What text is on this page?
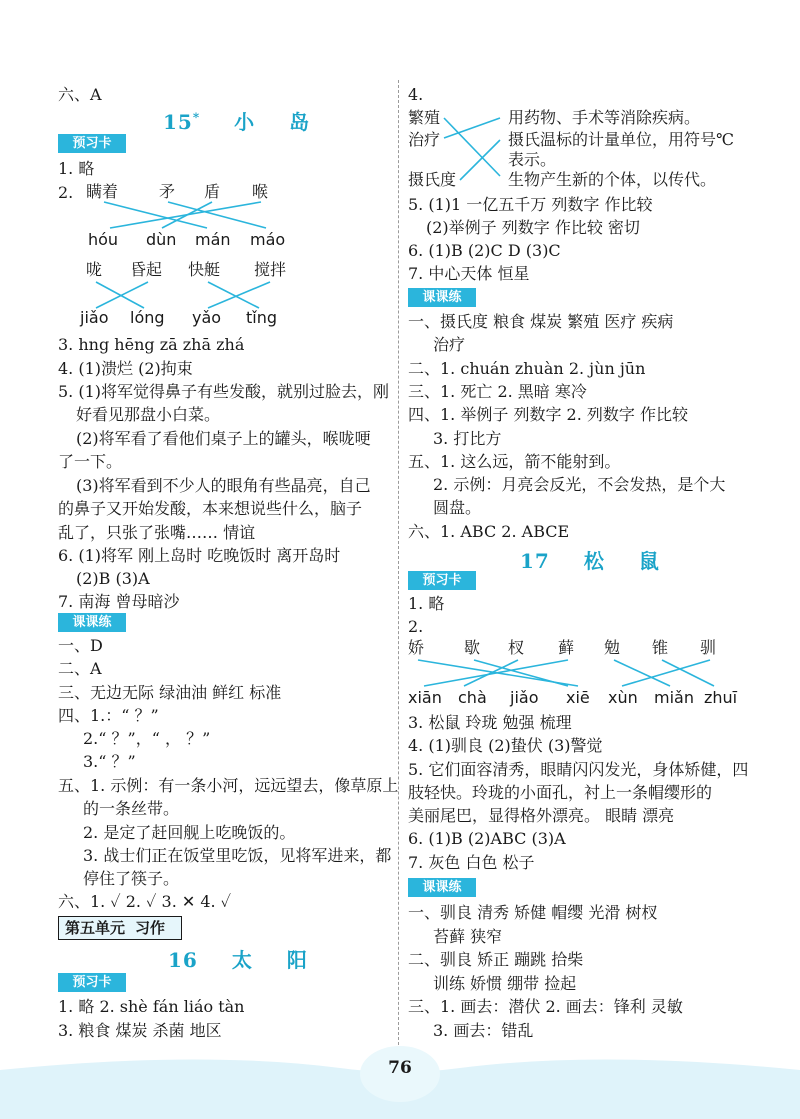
六、A
15* 小 岛
预习卡
1. 略
2. 瞒着	矛 盾 喉
hóu dùn mán máo
咙 昏起 快艇 搅拌
jiǎo lóng yǎo tǐng
3. hng hēng zā zhā zhá
4. (1)溃烂 (2)拘束
5. (1)将军觉得鼻子有些发酸，就别过脸去，刚
好看见那盘小白菜。
(2)将军看了看他们桌子上的罐头，喉咙哽
了一下。
(3)将军看到不少人的眼角有些晶亮，自己
的鼻子又开始发酸，本来想说些什么，脑子
乱了，只张了张嘴…… 情谊
6. (1)将军 刚上岛时 吃晚饭时 离开岛时
(2)B (3)A
7. 南海 曾母暗沙
课课练
一、D
二、A
三、无边无际 绿油油 鲜红 标准
四、1.：“ ？”
2.“ ？”，“ ， ？”
3.“ ？”
五、1. 示例：有一条小河，远远望去，像草原上
的一条丝带。
2. 是定了赶回舰上吃晚饭的。
3. 战士们正在饭堂里吃饭，见将军进来，都
停住了筷子。
六、1. ✓ 2. ✓ 3. ✕ 4. ✓
第五单元 习作
16 太 阳
预习卡
1. 略 2. shè fán liáo tàn
3. 粮食 煤炭 杀菌 地区
4.
繁殖
治疗
摄氏度
用药物、手术等消除疾病。
摄氏温标的计量单位，用符号℃
表示。
生物产生新的个体，以传代。
5. (1)1 一亿五千万 列数字 作比较
(2)举例子 列数字 作比较 密切
6. (1)B (2)C D (3)C
7. 中心天体 恒星
课课练
一、摄氏度 粮食 煤炭 繁殖 医疗 疾病
治疗
二、1. chuán zhuàn 2. jùn jūn
三、1. 死亡 2. 黑暗 寒冷
四、1. 举例子 列数字 2. 列数字 作比较
3. 打比方
五、1. 这么远，箭不能射到。
2. 示例：月亮会反光，不会发热，是个大
圆盘。
六、1. ABC 2. ABCE
17 松 鼠
预习卡
1. 略
2.
娇 歇 杈 藓 勉 锥 驯
xiān chà jiǎo xiē xùn miǎn zhuī
3. 松鼠 玲珑 勉强 梳理
4. (1)驯良 (2)蛰伏 (3)警觉
5. 它们面容清秀，眼睛闪闪发光，身体矫健，四
肢轻快。玲珑的小面孔，衬上一条帽缨形的
美丽尾巴，显得格外漂亮。 眼睛 漂亮
6. (1)B (2)ABC (3)A
7. 灰色 白色 松子
课课练
一、驯良 清秀 矫健 帽缨 光滑 树杈
苔藓 狭窄
二、驯良 矫正 蹦跳 拾柴
训练 娇惯 绷带 捡起
三、1. 画去：潜伏 2. 画去：锋利 灵敏
3. 画去：错乱
76
